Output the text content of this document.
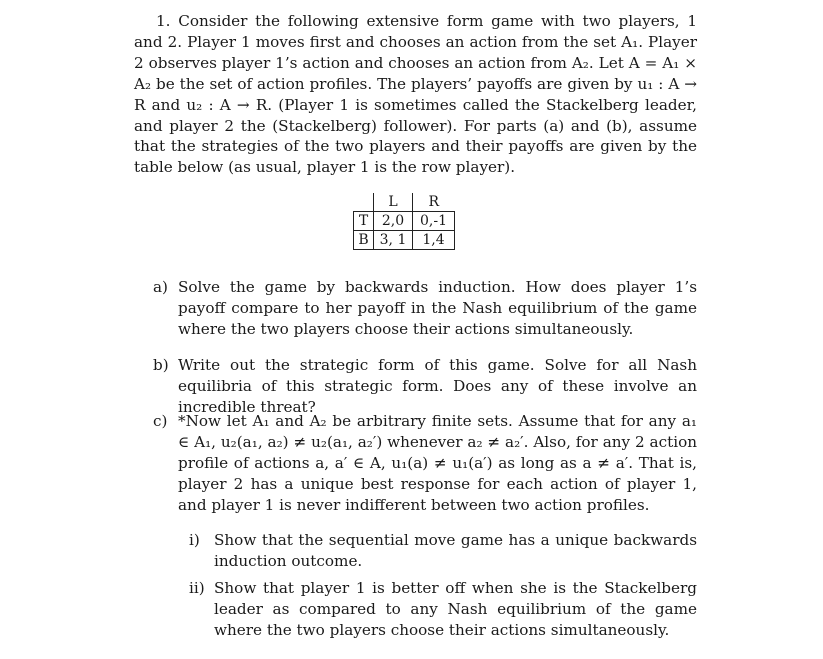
1. Consider the following extensive form game with two players, 1 and 2. Player 1 moves first and chooses an action from the set A₁. Player 2 observes player 1’s action and chooses an action from A₂. Let A = A₁ × A₂ be the set of action profiles. The players’ payoffs are given by u₁ : A → R and u₂ : A → R. (Player 1 is sometimes called the Stackelberg leader, and player 2 the (Stackelberg) follower). For parts (a) and (b), assume that the strategies of the two players and their payoffs are given by the table below (as usual, player 1 is the row player).

	L	R
T	2,0	0,-1
B	3, 1	1,4
a) Solve the game by backwards induction. How does player 1’s payoff compare to her payoff in the Nash equilibrium of the game where the two players choose their actions simultaneously.

b) Write out the strategic form of this game. Solve for all Nash equilibria of this strategic form. Does any of these involve an incredible threat?

c) *Now let A₁ and A₂ be arbitrary finite sets. Assume that for any a₁ ∈ A₁, u₂(a₁, a₂) ≠ u₂(a₁, a₂′) whenever a₂ ≠ a₂′. Also, for any 2 action profile of actions a, a′ ∈ A, u₁(a) ≠ u₁(a′) as long as a ≠ a′. That is, player 2 has a unique best response for each action of player 1, and player 1 is never indifferent between two action profiles.

i) Show that the sequential move game has a unique backwards induction outcome.

ii) Show that player 1 is better off when she is the Stackelberg leader as compared to any Nash equilibrium of the game where the two players choose their actions simultaneously.
